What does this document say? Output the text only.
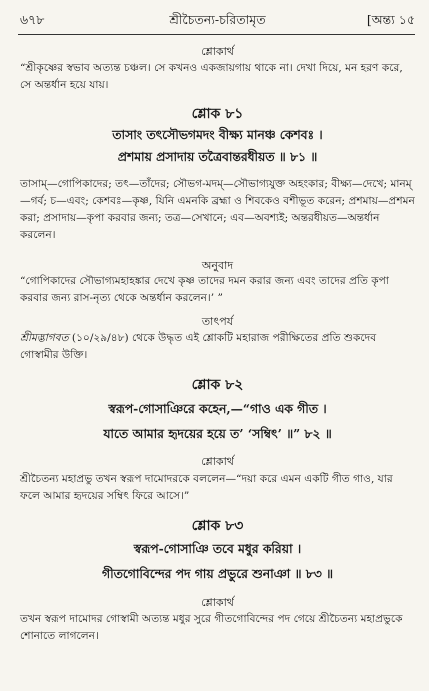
৬৭৮	শ্রীচৈতন্য-চরিতামৃত	[অন্ত্য ১৫
শ্লোকার্থ
“শ্রীকৃষ্ণের স্বভাব অত্যন্ত চঞ্চল। সে কখনও একজায়গায় থাকে না। দেখা দিয়ে, মন হরণ করে, সে অন্তর্ধান হয়ে যায়।
শ্লোক ৮১
তাসাং তৎসৌভগমদং বীক্ষ্য মানঞ্চ কেশবঃ ।
প্রশমায় প্রসাদায় তত্রৈবান্তরধীয়ত ॥ ৮১ ॥
তাসাম্—গোপিকাদের; তৎ—তাঁদের; সৌভগ-মদম্—সৌভাগ্যযুক্ত অহংকার; বীক্ষ্য—দেখে; মানম্—গর্ব; চ—এবং; কেশবঃ—কৃষ্ণ, যিনি এমনকি ব্রহ্মা ও শিবকেও বশীভূত করেন; প্রশমায়—প্রশমন করা; প্রসাদায়—কৃপা করবার জন্য; তত্র—সেখানে; এব—অবশ্যই; অন্তরধীয়ত—অন্তর্ধান করলেন।
অনুবাদ
“গোপিকাদের সৌভাগ্যমহাহঙ্কার দেখে কৃষ্ণ তাদের দমন করার জন্য এবং তাদের প্রতি কৃপা করবার জন্য রাস-নৃত্য থেকে অন্তর্ধান করলেন।’ ”
তাৎপর্য
শ্রীমদ্ভাগবত (১০/২৯/৪৮) থেকে উদ্ধৃত এই শ্লোকটি মহারাজ পরীক্ষিতের প্রতি শুকদেব গোস্বামীর উক্তি।
শ্লোক ৮২
স্বরূপ-গোসাঞিরে কহেন,—“গাও এক গীত ।
যাতে আমার হৃদয়ের হয়ে ত’ ‘সম্বিৎ’ ॥” ৮২ ॥
শ্লোকার্থ
শ্রীচৈতন্য মহাপ্রভু তখন স্বরূপ দামোদরকে বললেন—“দয়া করে এমন একটি গীত গাও, যার ফলে আমার হৃদয়ের সম্বিৎ ফিরে আসে।”
শ্লোক ৮৩
স্বরূপ-গোসাঞি তবে মধুর করিয়া ।
গীতগোবিন্দের পদ গায় প্রভুরে শুনাঞা ॥ ৮৩ ॥
শ্লোকার্থ
তখন স্বরূপ দামোদর গোস্বামী অত্যন্ত মধুর সুরে গীতগোবিন্দের পদ গেয়ে শ্রীচৈতন্য মহাপ্রভুকে শোনাতে লাগলেন।
